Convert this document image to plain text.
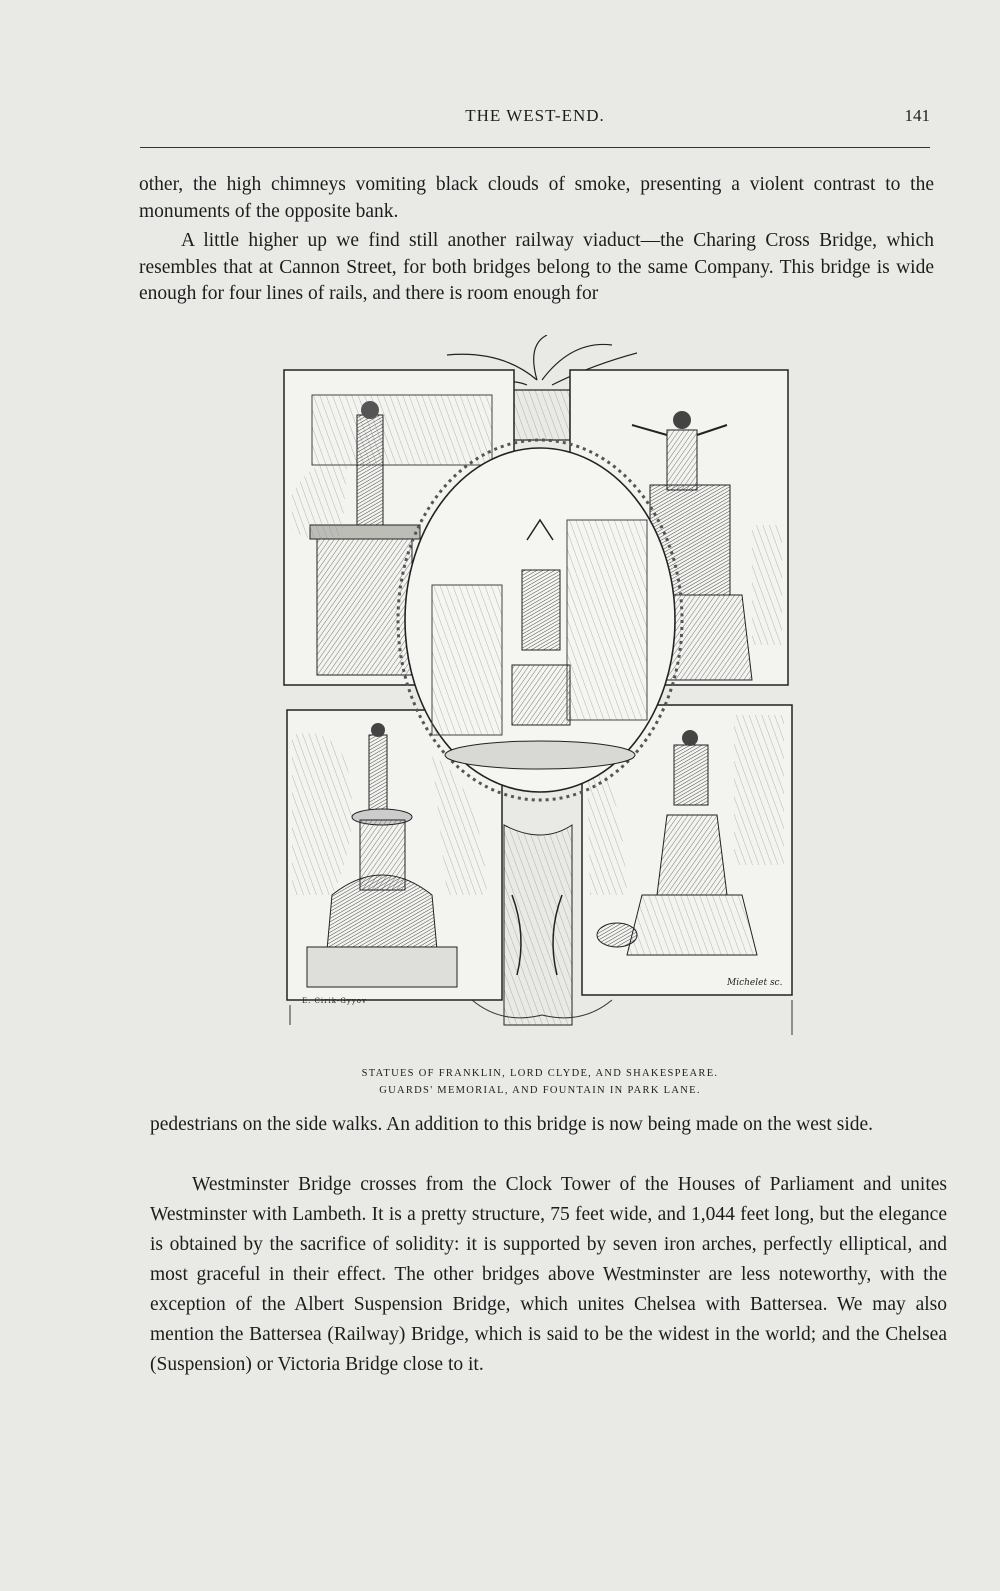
THE WEST-END.	141

other, the high chimneys vomiting black clouds of smoke, presenting a violent contrast to the monuments of the opposite bank.

A little higher up we find still another railway viaduct—the Charing Cross Bridge, which resembles that at Cannon Street, for both bridges belong to the same Company. This bridge is wide enough for four lines of rails, and there is room enough for

Michelet sc.
E. Cirik-Gyyov
STATUES OF FRANKLIN, LORD CLYDE, AND SHAKESPEARE.
GUARDS' MEMORIAL, AND FOUNTAIN IN PARK LANE.

pedestrians on the side walks. An addition to this bridge is now being made on the west side.

Westminster Bridge crosses from the Clock Tower of the Houses of Parliament and unites Westminster with Lambeth. It is a pretty structure, 75 feet wide, and 1,044 feet long, but the elegance is obtained by the sacrifice of solidity: it is supported by seven iron arches, perfectly elliptical, and most graceful in their effect. The other bridges above Westminster are less noteworthy, with the exception of the Albert Suspension Bridge, which unites Chelsea with Battersea. We may also mention the Battersea (Railway) Bridge, which is said to be the widest in the world; and the Chelsea (Suspension) or Victoria Bridge close to it.
